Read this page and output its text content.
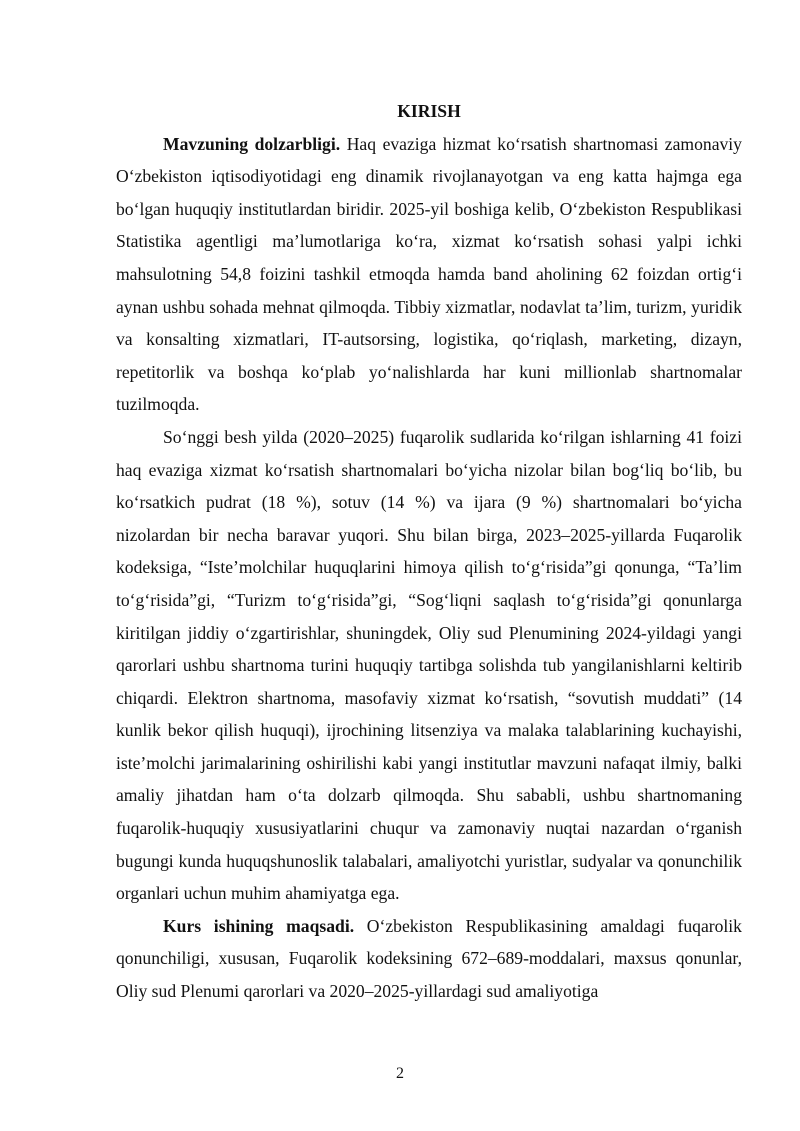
KIRISH

Mavzuning dolzarbligi. Haq evaziga hizmat ko‘rsatish shartnomasi zamonaviy O‘zbekiston iqtisodiyotidagi eng dinamik rivojlanayotgan va eng katta hajmga ega bo‘lgan huquqiy institutlardan biridir. 2025-yil boshiga kelib, O‘zbekiston Respublikasi Statistika agentligi ma’lumotlariga ko‘ra, xizmat ko‘rsatish sohasi yalpi ichki mahsulotning 54,8 foizini tashkil etmoqda hamda band aholining 62 foizdan ortig‘i aynan ushbu sohada mehnat qilmoqda. Tibbiy xizmatlar, nodavlat ta’lim, turizm, yuridik va konsalting xizmatlari, IT-autsorsing, logistika, qo‘riqlash, marketing, dizayn, repetitorlik va boshqa ko‘plab yo‘nalishlarda har kuni millionlab shartnomalar tuzilmoqda.

So‘nggi besh yilda (2020–2025) fuqarolik sudlarida ko‘rilgan ishlarning 41 foizi haq evaziga xizmat ko‘rsatish shartnomalari bo‘yicha nizolar bilan bog‘liq bo‘lib, bu ko‘rsatkich pudrat (18 %), sotuv (14 %) va ijara (9 %) shartnomalari bo‘yicha nizolardan bir necha baravar yuqori. Shu bilan birga, 2023–2025-yillarda Fuqarolik kodeksiga, “Iste’molchilar huquqlarini himoya qilish to‘g‘risida”gi qonunga, “Ta’lim to‘g‘risida”gi, “Turizm to‘g‘risida”gi, “Sog‘liqni saqlash to‘g‘risida”gi qonunlarga kiritilgan jiddiy o‘zgartirishlar, shuningdek, Oliy sud Plenumining 2024-yildagi yangi qarorlari ushbu shartnoma turini huquqiy tartibga solishda tub yangilanishlarni keltirib chiqardi. Elektron shartnoma, masofaviy xizmat ko‘rsatish, “sovutish muddati” (14 kunlik bekor qilish huquqi), ijrochining litsenziya va malaka talablarining kuchayishi, iste’molchi jarimalarining oshirilishi kabi yangi institutlar mavzuni nafaqat ilmiy, balki amaliy jihatdan ham o‘ta dolzarb qilmoqda. Shu sababli, ushbu shartnomaning fuqarolik-huquqiy xususiyatlarini chuqur va zamonaviy nuqtai nazardan o‘rganish bugungi kunda huquqshunoslik talabalari, amaliyotchi yuristlar, sudyalar va qonunchilik organlari uchun muhim ahamiyatga ega.

Kurs ishining maqsadi. O‘zbekiston Respublikasining amaldagi fuqarolik qonunchiligi, xususan, Fuqarolik kodeksining 672–689-moddalari, maxsus qonunlar, Oliy sud Plenumi qarorlari va 2020–2025-yillardagi sud amaliyotiga

2
